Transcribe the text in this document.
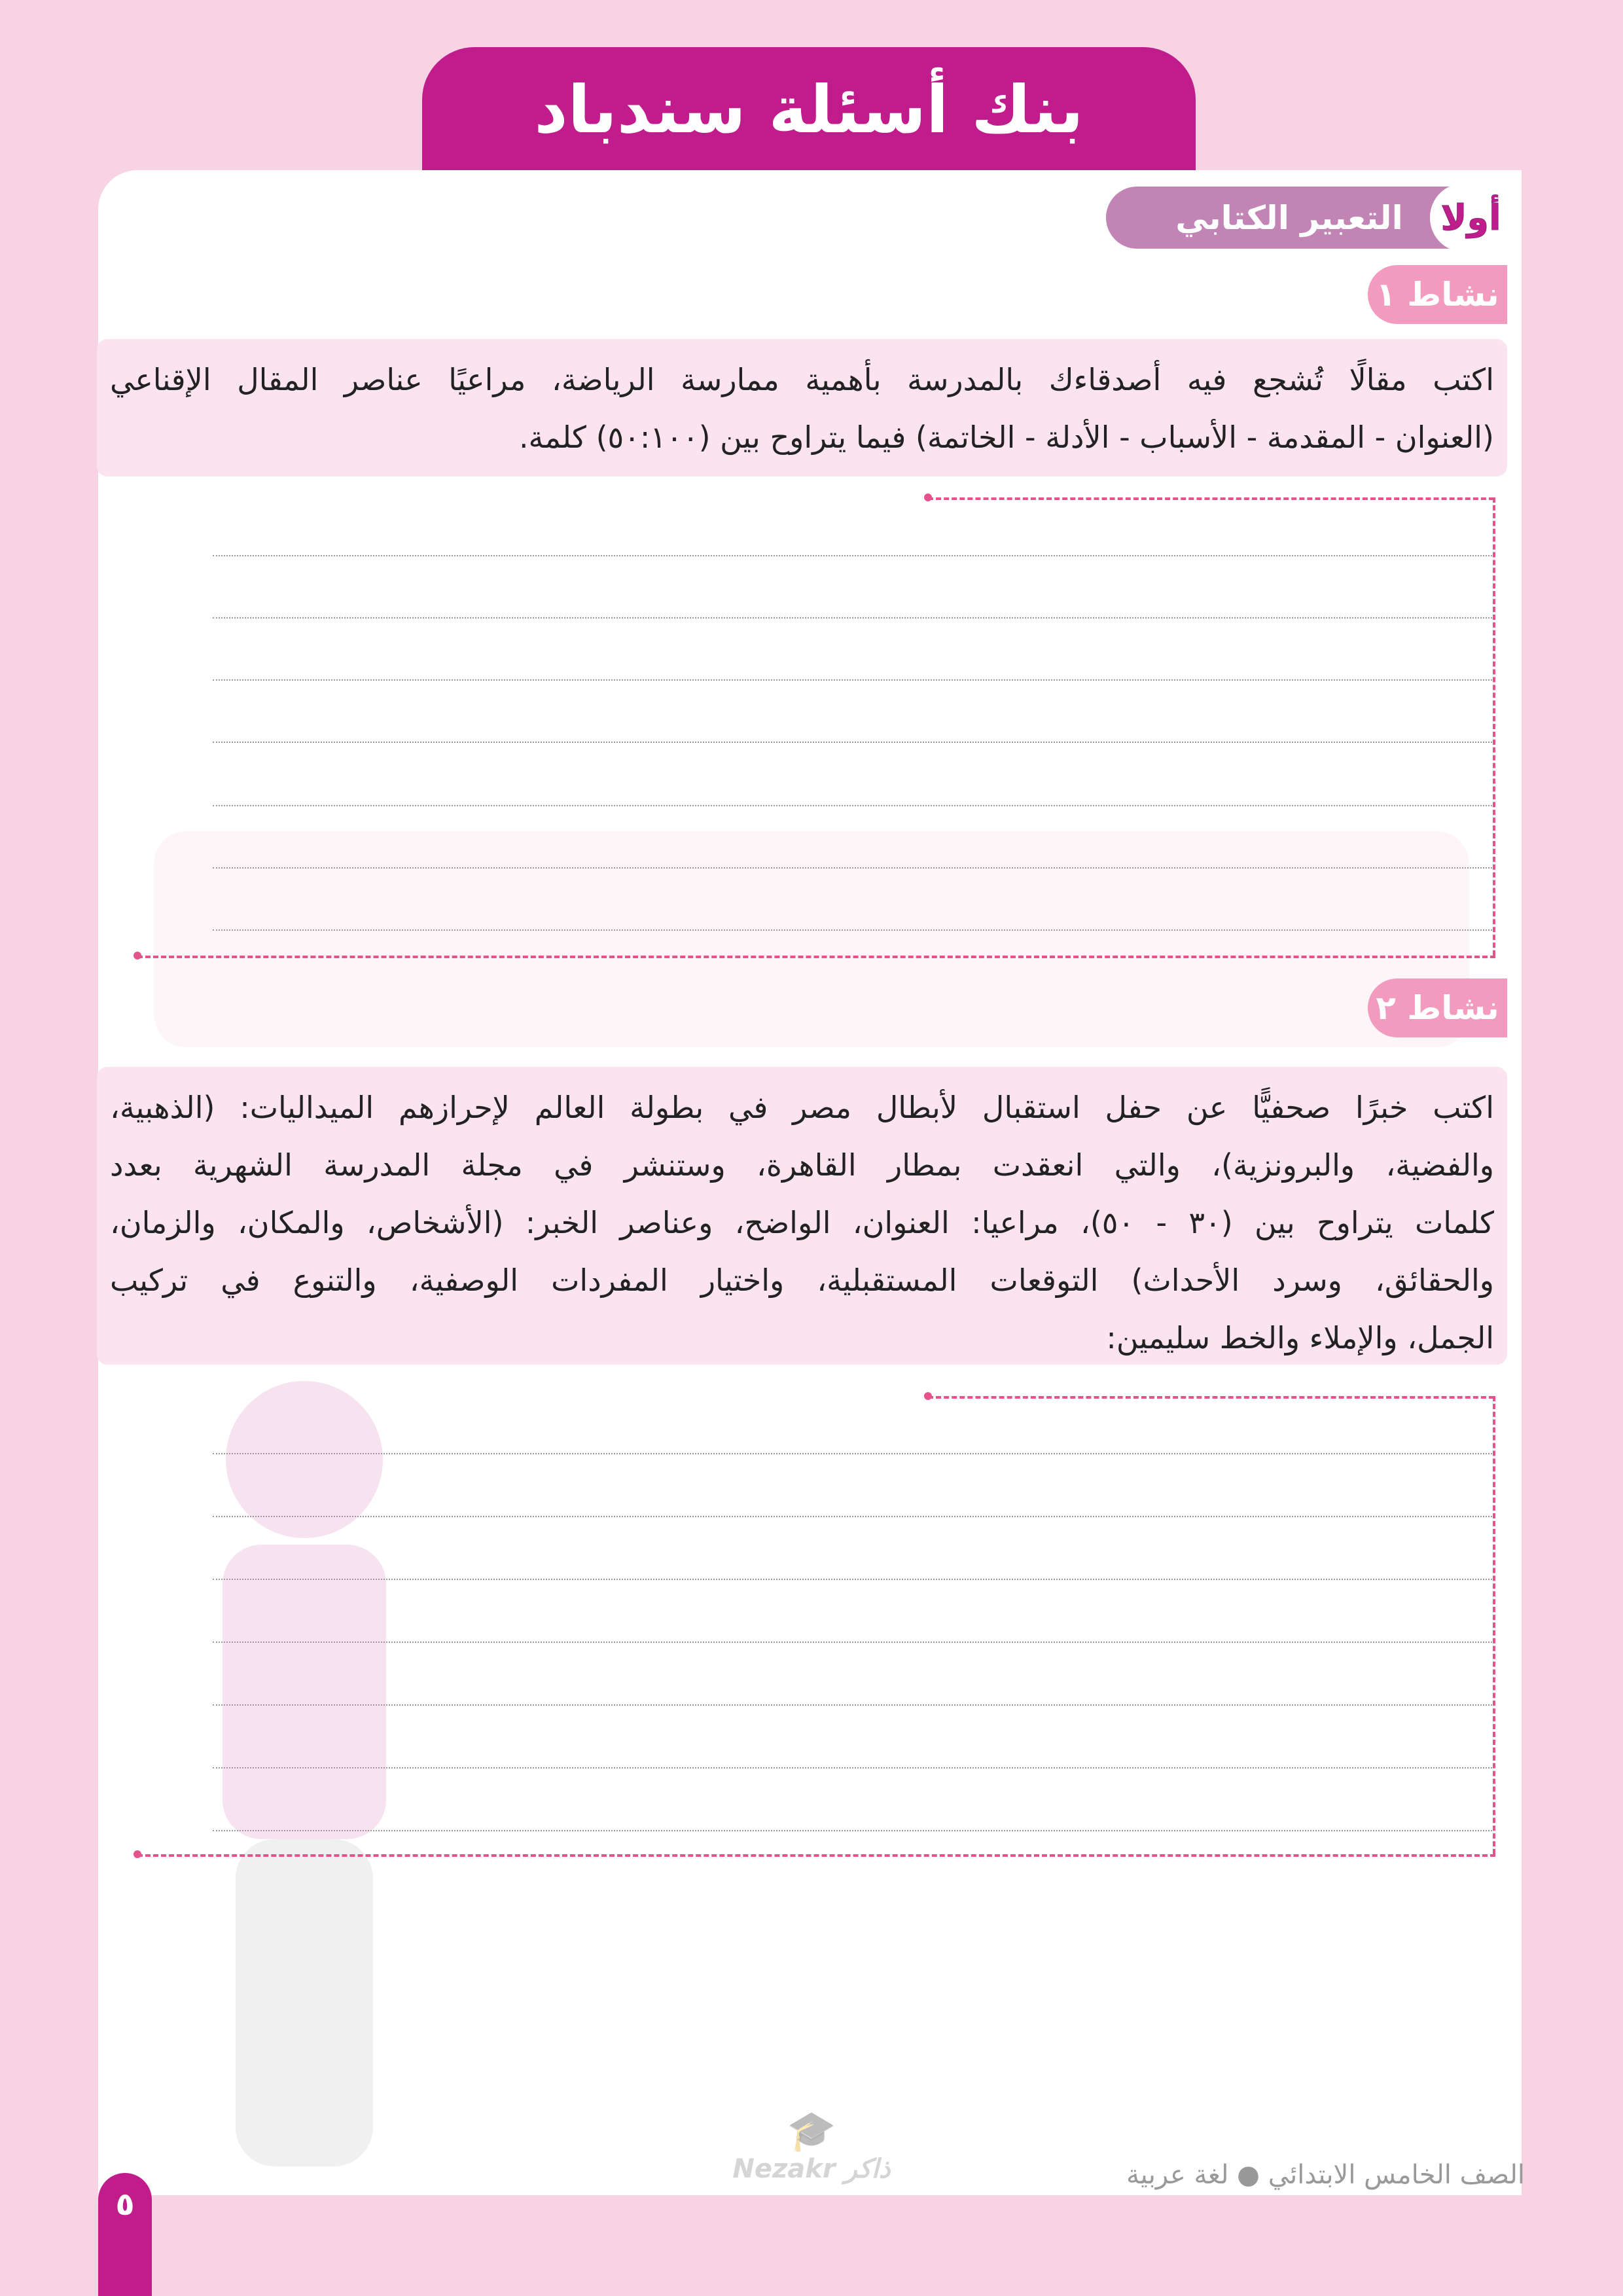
بنك أسئلة سندباد
التعبير الكتابي	أولا
نشاط ١
اكتب مقالًا تُشجع فيه أصدقاءك بالمدرسة بأهمية ممارسة الرياضة، مراعيًا عناصر المقال الإقناعي
(العنوان - المقدمة - الأسباب - الأدلة - الخاتمة) فيما يتراوح بين (٥٠:١٠٠) كلمة.
نشاط ٢
اكتب خبرًا صحفيًّا عن حفل استقبال لأبطال مصر في بطولة العالم لإحرازهم الميداليات: (الذهبية،
والفضية، والبرونزية)، والتي انعقدت بمطار القاهرة، وستنشر في مجلة المدرسة الشهرية بعدد
كلمات يتراوح بين (٣٠ - ٥٠)، مراعيا: العنوان، الواضح، وعناصر الخبر: (الأشخاص، والمكان، والزمان،
والحقائق، وسرد الأحداث) التوقعات المستقبلية، واختيار المفردات الوصفية، والتنوع في تركيب
الجمل، والإملاء والخط سليمين:
الصف الخامس الابتدائي ● لغة عربية
٥
🎓
Nezakr ذاكر
